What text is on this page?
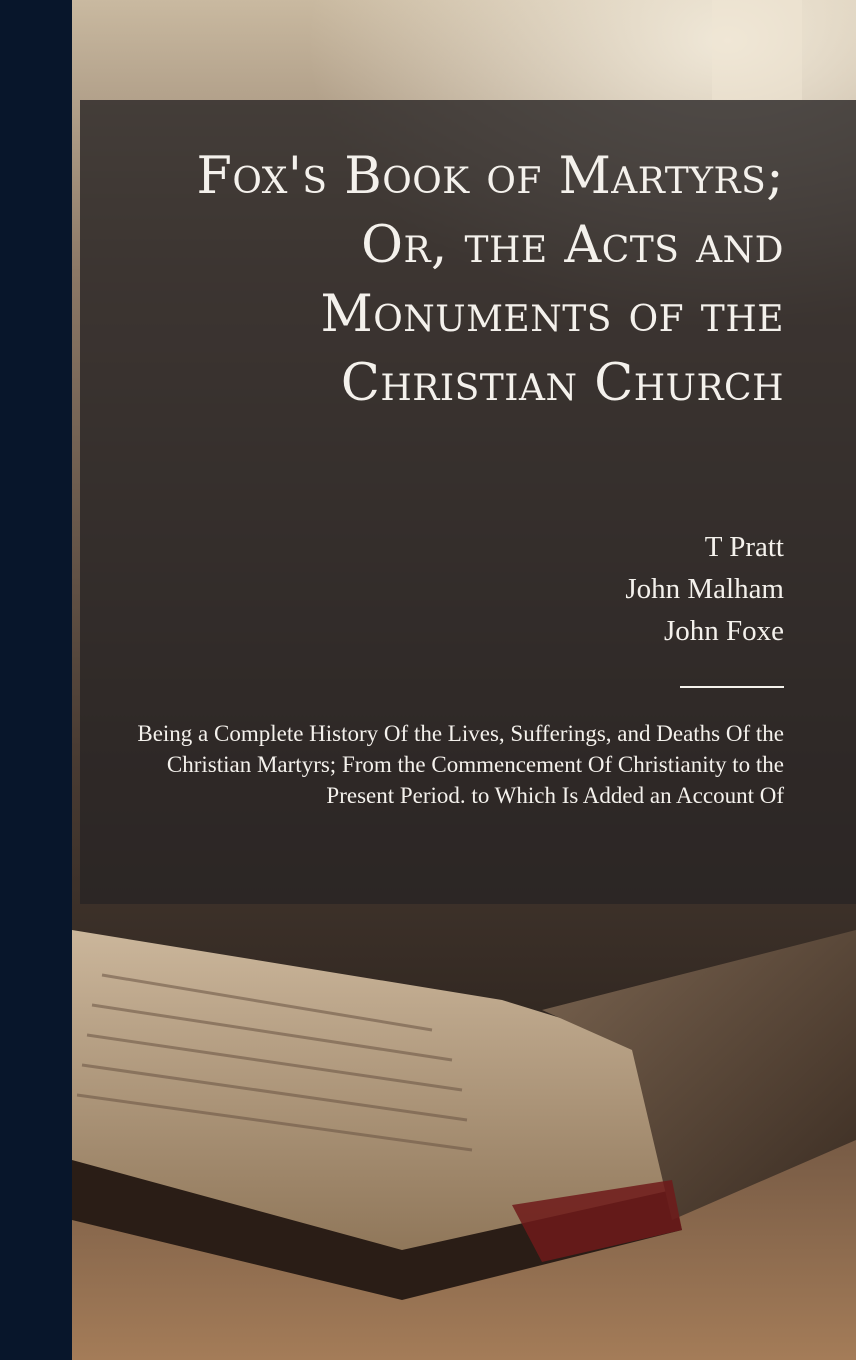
Fox's Book of Martyrs; Or, the Acts and Monuments of the Christian Church
T Pratt
John Malham
John Foxe

Being a Complete History Of the Lives, Sufferings, and Deaths Of the Christian Martyrs; From the Commencement Of Christianity to the Present Period. to Which Is Added an Account Of
